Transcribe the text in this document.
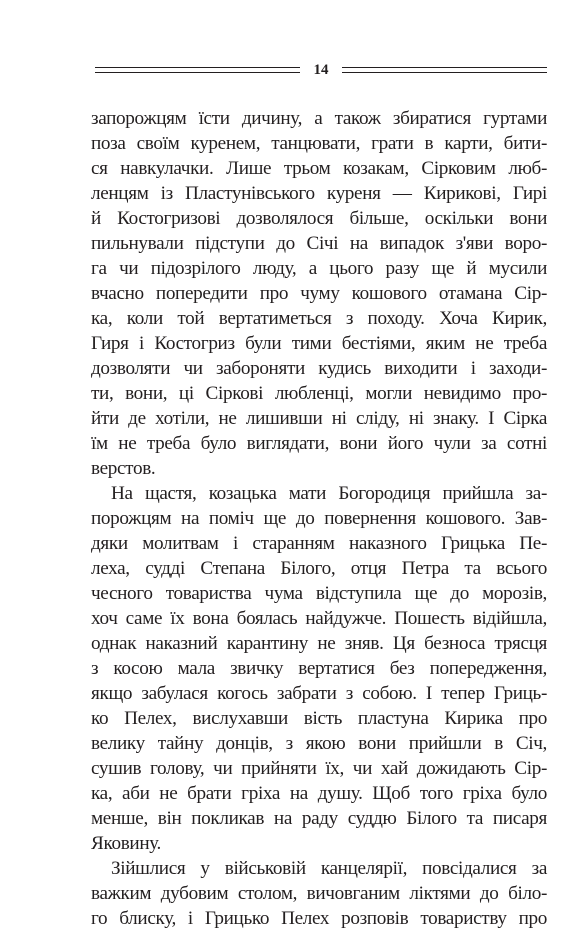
14

запорожцям їсти дичину, а також збиратися гуртами
поза своїм куренем, танцювати, грати в карти, бити-
ся навкулачки. Лише трьом козакам, Сірковим люб-
ленцям із Пластунівського куреня — Кирикові, Гирі
й Костогризові дозволялося більше, оскільки вони
пильнували підступи до Січі на випадок з'яви воро-
га чи підозрілого люду, а цього разу ще й мусили
вчасно попередити про чуму кошового отамана Сір-
ка, коли той вертатиметься з походу. Хоча Кирик,
Гиря і Костогриз були тими бестіями, яким не треба
дозволяти чи забороняти кудись виходити і заходи-
ти, вони, ці Сіркові любленці, могли невидимо про-
йти де хотіли, не лишивши ні сліду, ні знаку. І Сірка
їм не треба було виглядати, вони його чули за сотні
верстов.

На щастя, козацька мати Богородиця прийшла за-
порожцям на поміч ще до повернення кошового. Зав-
дяки молитвам і старанням наказного Грицька Пе-
леха, судді Степана Білого, отця Петра та всього
чесного товариства чума відступила ще до морозів,
хоч саме їх вона боялась найдужче. Пошесть відійшла,
однак наказний карантину не зняв. Ця безноса трясця
з косою мала звичку вертатися без попередження,
якщо забулася когось забрати з собою. І тепер Гриць-
ко Пелех, вислухавши вість пластуна Кирика про
велику тайну донців, з якою вони прийшли в Січ,
сушив голову, чи прийняти їх, чи хай дожидають Сір-
ка, аби не брати гріха на душу. Щоб того гріха було
менше, він покликав на раду суддю Білого та писаря
Яковину.

Зійшлися у військовій канцелярії, повсідалися за
важким дубовим столом, вичовганим ліктями до біло-
го блиску, і Грицько Пелех розповів товариству про
